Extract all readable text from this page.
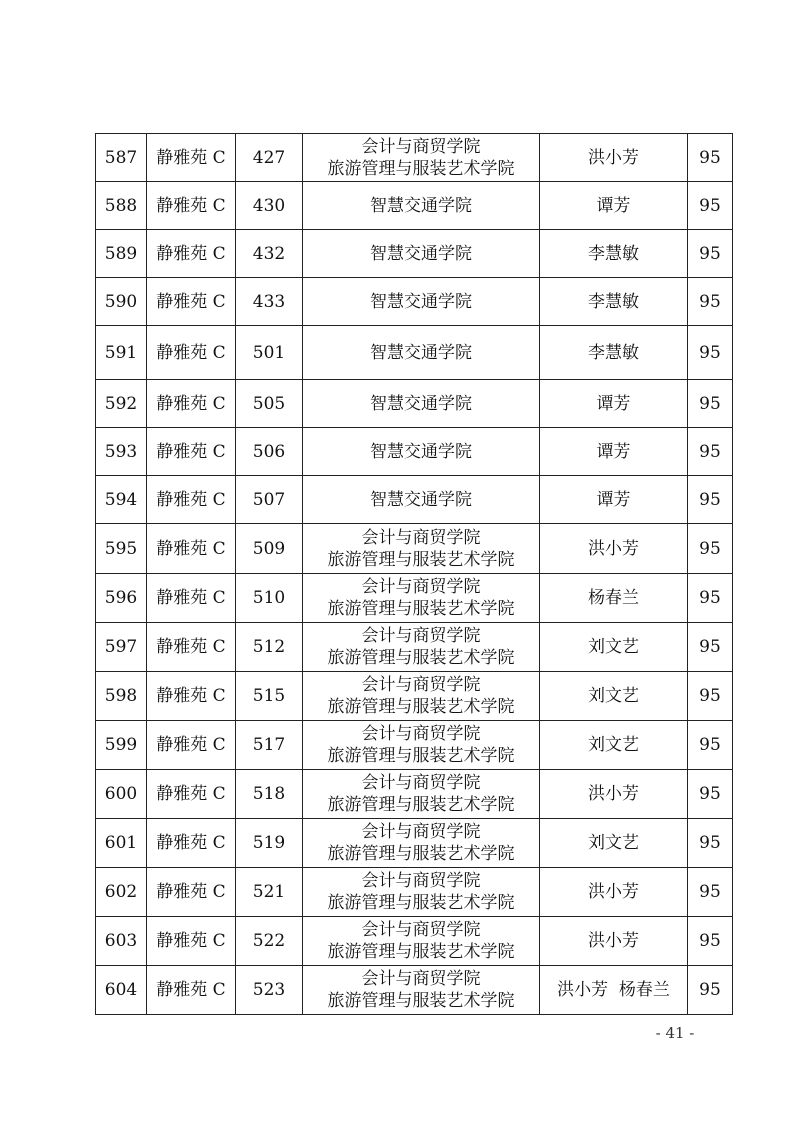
587	静雅苑 C	427	会计与商贸学院
旅游管理与服装艺术学院	洪小芳	95
588	静雅苑 C	430	智慧交通学院	谭芳	95
589	静雅苑 C	432	智慧交通学院	李慧敏	95
590	静雅苑 C	433	智慧交通学院	李慧敏	95
591	静雅苑 C	501	智慧交通学院	李慧敏	95
592	静雅苑 C	505	智慧交通学院	谭芳	95
593	静雅苑 C	506	智慧交通学院	谭芳	95
594	静雅苑 C	507	智慧交通学院	谭芳	95
595	静雅苑 C	509	会计与商贸学院
旅游管理与服装艺术学院	洪小芳	95
596	静雅苑 C	510	会计与商贸学院
旅游管理与服装艺术学院	杨春兰	95
597	静雅苑 C	512	会计与商贸学院
旅游管理与服装艺术学院	刘文艺	95
598	静雅苑 C	515	会计与商贸学院
旅游管理与服装艺术学院	刘文艺	95
599	静雅苑 C	517	会计与商贸学院
旅游管理与服装艺术学院	刘文艺	95
600	静雅苑 C	518	会计与商贸学院
旅游管理与服装艺术学院	洪小芳	95
601	静雅苑 C	519	会计与商贸学院
旅游管理与服装艺术学院	刘文艺	95
602	静雅苑 C	521	会计与商贸学院
旅游管理与服装艺术学院	洪小芳	95
603	静雅苑 C	522	会计与商贸学院
旅游管理与服装艺术学院	洪小芳	95
604	静雅苑 C	523	会计与商贸学院
旅游管理与服装艺术学院	洪小芳  杨春兰	95
- 41 -
